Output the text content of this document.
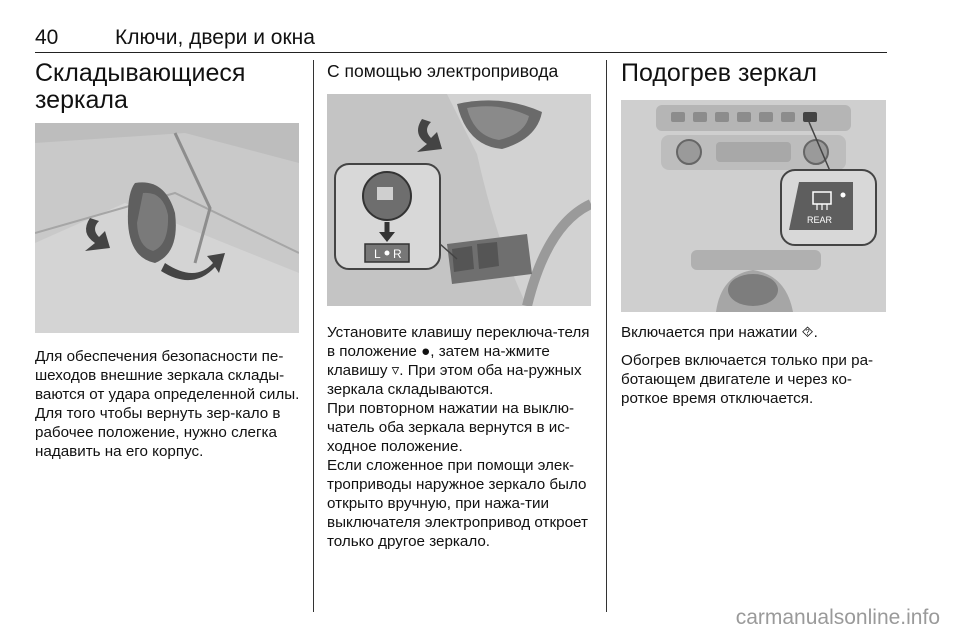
40	Ключи, двери и окна
Складывающиеся
зеркала

Для обеспечения безопасности пе-шеходов внешние зеркала склады-ваются от удара определенной силы. Для того чтобы вернуть зер-кало в рабочее положение, нужно слегка надавить на его корпус.

С помощью электропривода
L R

Установите клавишу переключа-теля в положение ●, затем на-жмите клавишу ▿. При этом оба на-ружных зеркала складываются.

При повторном нажатии на выклю-чатель оба зеркала вернутся в ис-ходное положение.

Если сложенное при помощи элек-троприводы наружное зеркало было открыто вручную, при нажа-тии выключателя электропривод откроет только другое зеркало.

Подогрев зеркал
REAR

Включается при нажатии ⯑.

Обогрев включается только при ра-ботающем двигателе и через ко-роткое время отключается.

carmanualsonline.info
